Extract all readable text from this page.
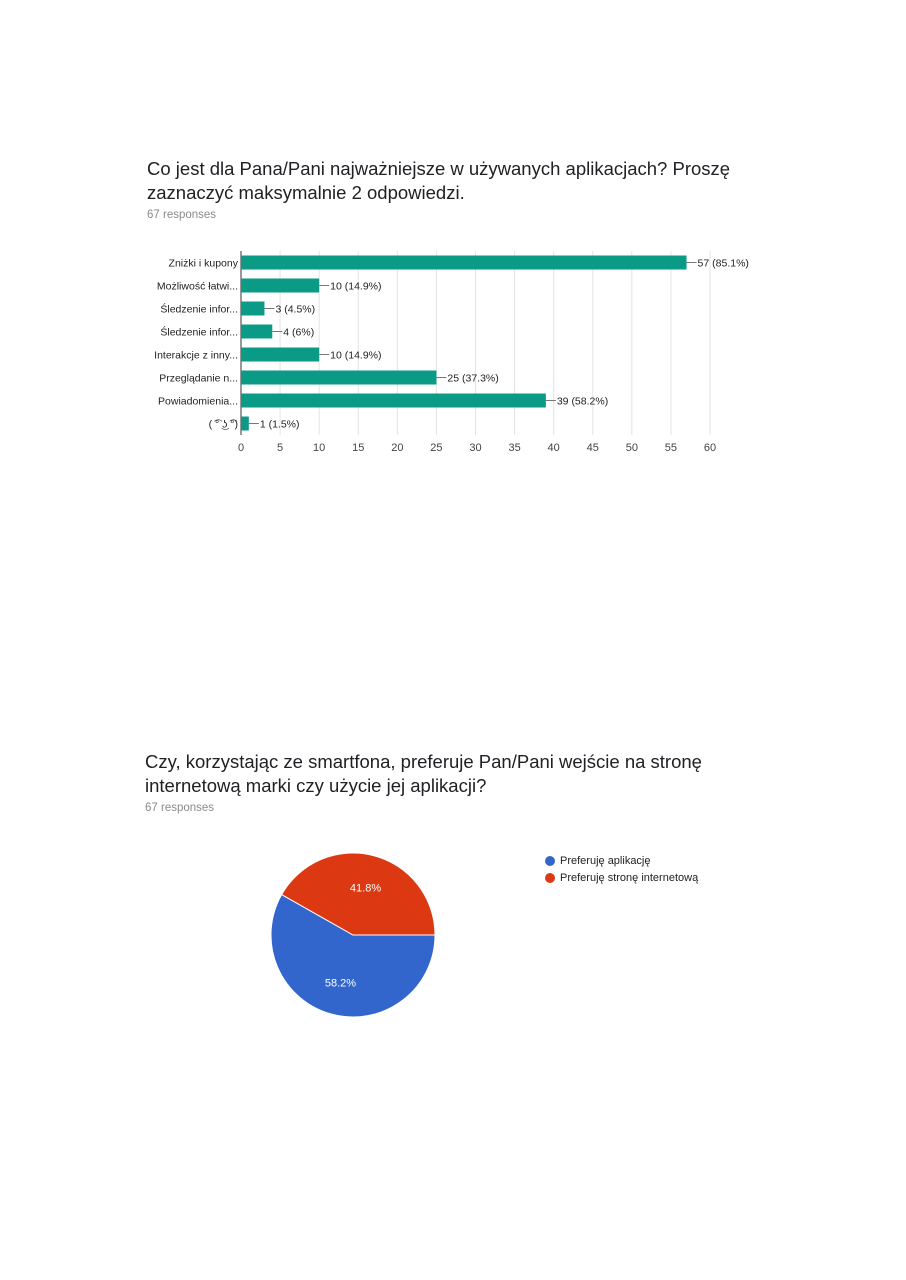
Co jest dla Pana/Pani najważniejsze w używanych aplikacjach? Proszę zaznaczyć maksymalnie 2 odpowiedzi.
67 responses
0	5	10 15 20 25 30 35 40 45 50 55 60
Zniżki i kupony	57 (85.1%)
Możliwość łatwi...	10 (14.9%)
Śledzenie infor...	3 (4.5%)
Śledzenie infor...	4 (6%)
Interakcje z inny...	10 (14.9%)
Przeglądanie n...	25 (37.3%)
Powiadomienia...	39 (58.2%)
( ͡° ͜ʖ ͡°) 1 (1.5%)
Czy, korzystając ze smartfona, preferuje Pan/Pani wejście na stronę internetową marki czy użycie jej aplikacji?
67 responses
58.2%
41.8%
Preferuję aplikację
Preferuję stronę internetową
